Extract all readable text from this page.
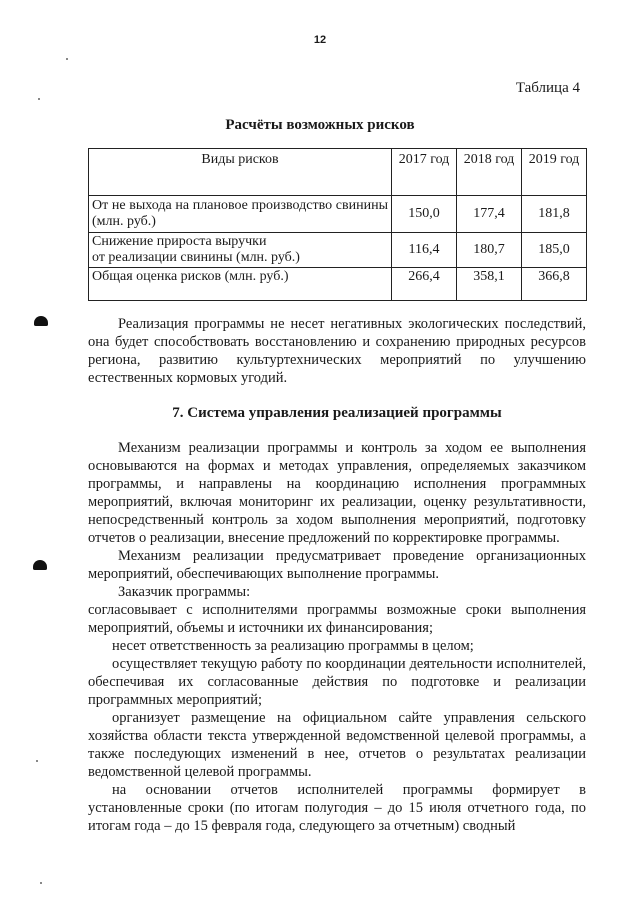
12
Таблица 4
Расчёты возможных рисков
Виды рисков	2017 год	2018 год	2019 год
От не выхода на плановое производство свинины (млн. руб.)	150,0	177,4	181,8

Снижение прироста выручки
от реализации свинины (млн. руб.)	116,4	180,7	185,0
Общая оценка рисков (млн. руб.)	266,4	358,1	366,8

Реализация программы не несет негативных экологических последствий, она будет способствовать восстановлению и сохранению природных ресурсов региона, развитию культуртехнических мероприятий по улучшению естественных кормовых угодий.

7. Система управления реализацией программы

Механизм реализации программы и контроль за ходом ее выполнения основываются на формах и методах управления, определяемых заказчиком программы, и направлены на координацию исполнения программных мероприятий, включая мониторинг их реализации, оценку результативности, непосредственный контроль за ходом выполнения мероприятий, подготовку отчетов о реализации, внесение предложений по корректировке программы.

Механизм реализации предусматривает проведение организационных мероприятий, обеспечивающих выполнение программы.

Заказчик программы:

согласовывает с исполнителями программы возможные сроки выполнения мероприятий, объемы и источники их финансирования;

несет ответственность за реализацию программы в целом;

осуществляет текущую работу по координации деятельности исполнителей, обеспечивая их согласованные действия по подготовке и реализации программных мероприятий;

организует размещение на официальном сайте управления сельского хозяйства области текста утвержденной ведомственной целевой программы, а также последующих изменений в нее, отчетов о результатах реализации ведомственной целевой программы.

на основании отчетов исполнителей программы формирует в установленные сроки (по итогам полугодия – до 15 июля отчетного года, по итогам года – до 15 февраля года, следующего за отчетным) сводный
